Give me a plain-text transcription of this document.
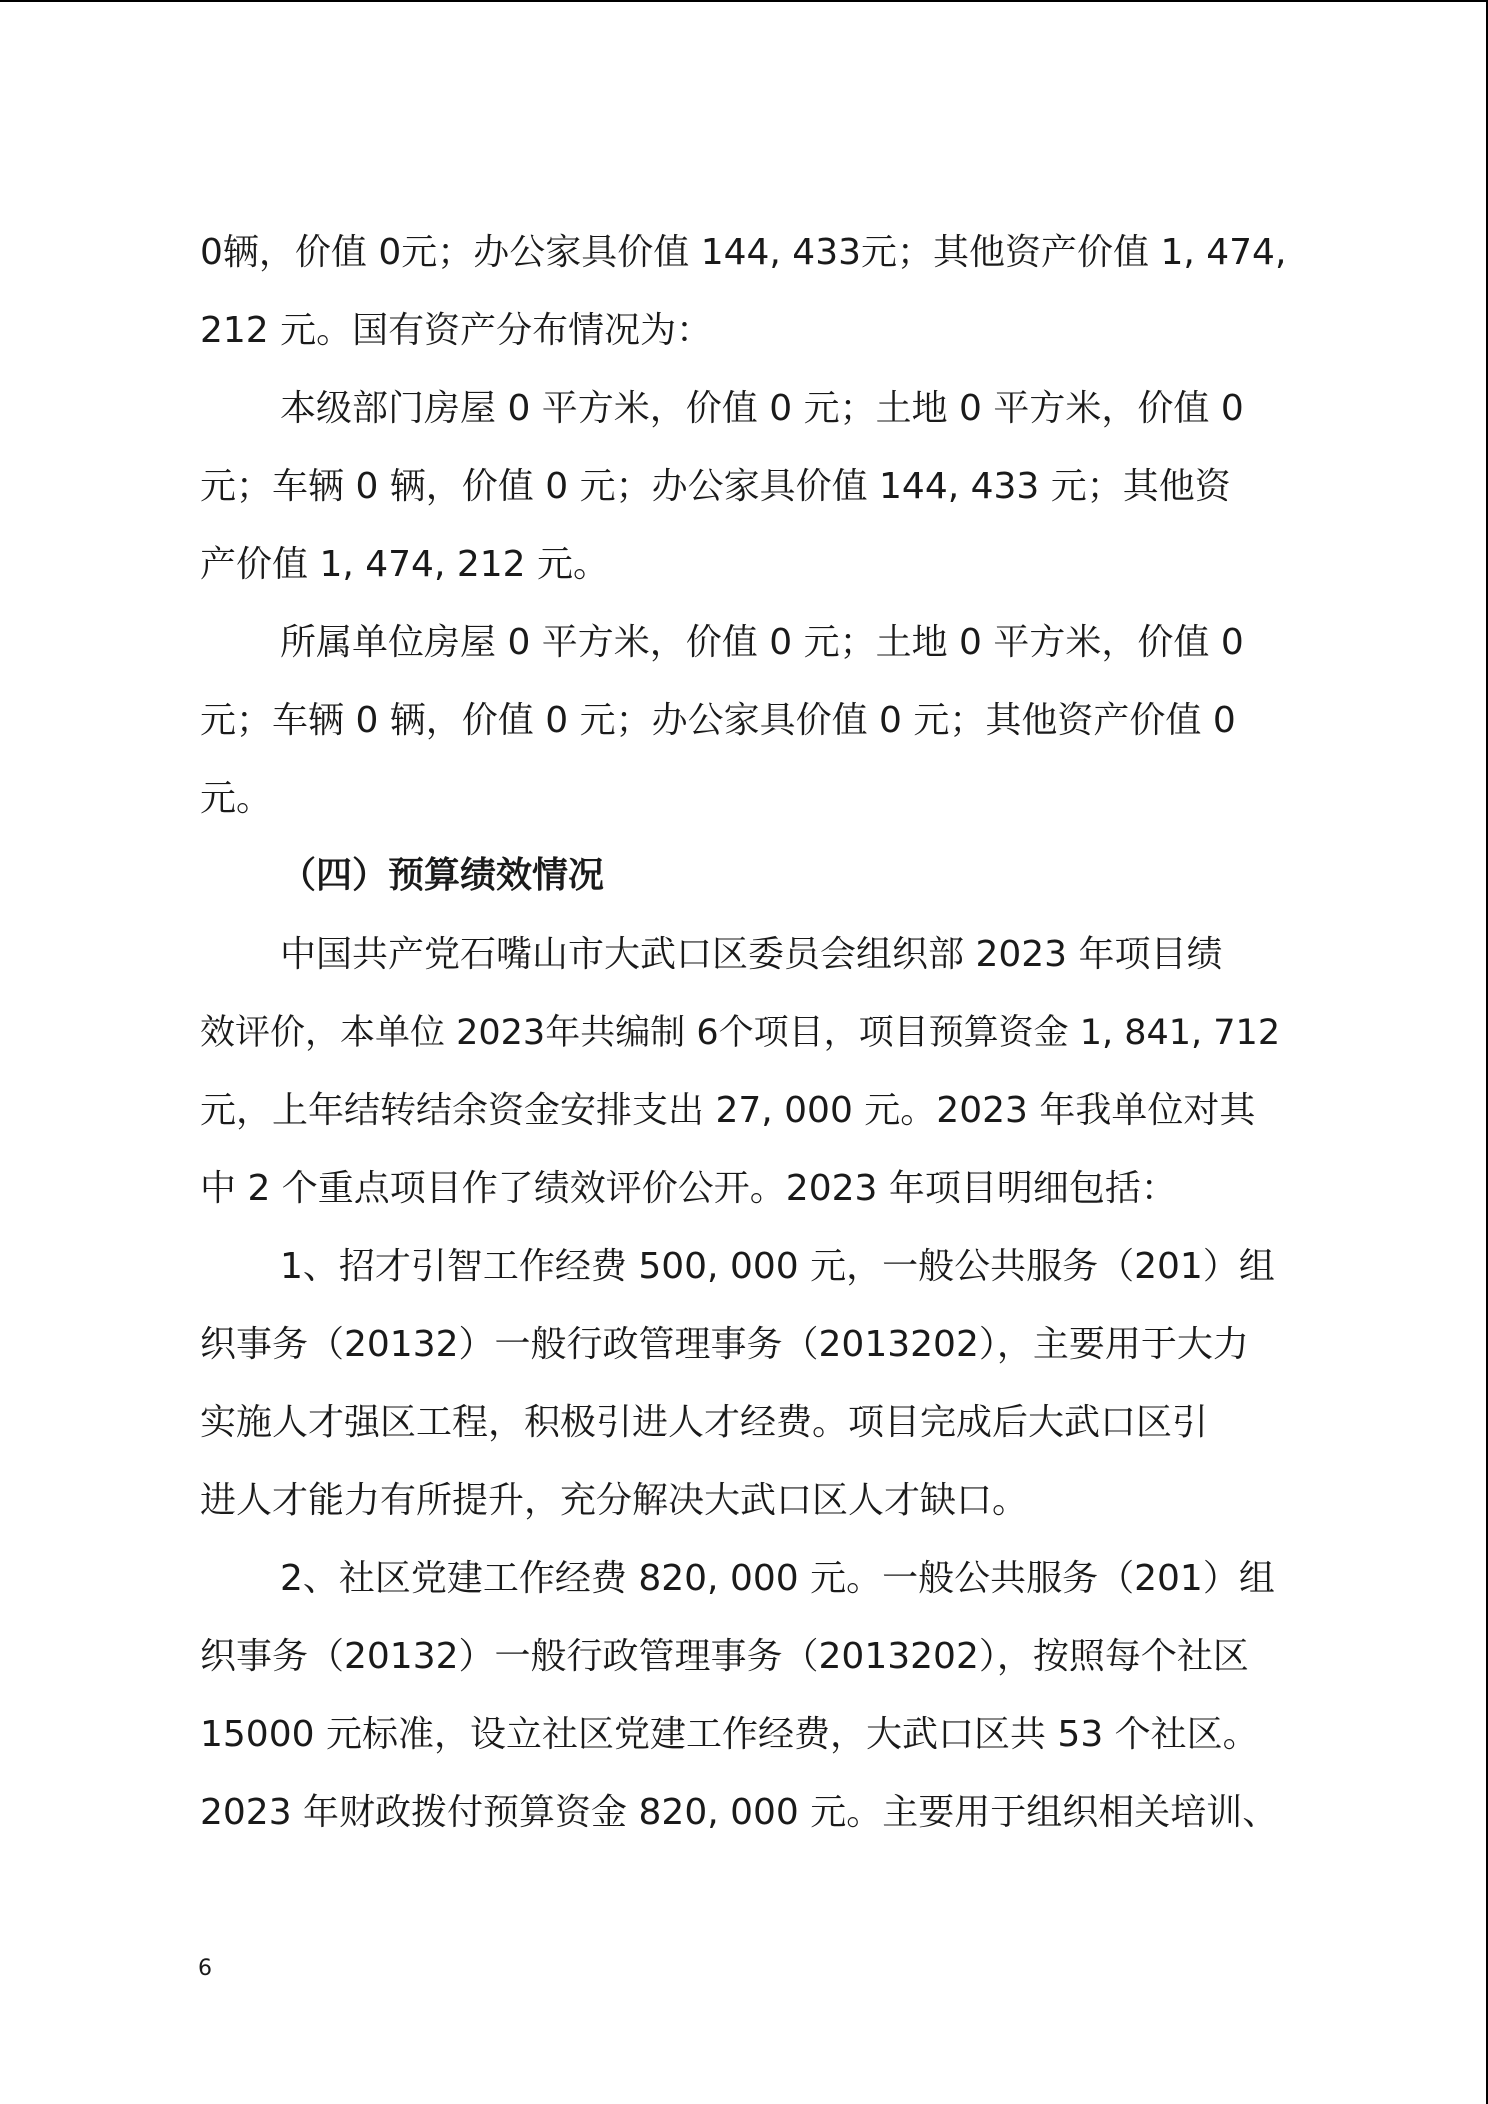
0辆，价值 0元；办公家具价值 144, 433元；其他资产价值 1, 474,
212 元。国有资产分布情况为：
本级部门房屋 0 平方米，价值 0 元；土地 0 平方米，价值 0
元；车辆 0 辆，价值 0 元；办公家具价值 144, 433 元；其他资
产价值 1, 474, 212 元。
所属单位房屋 0 平方米，价值 0 元；土地 0 平方米，价值 0
元；车辆 0 辆，价值 0 元；办公家具价值 0 元；其他资产价值 0
元。
（四）预算绩效情况
中国共产党石嘴山市大武口区委员会组织部 2023 年项目绩
效评价，本单位 2023年共编制 6个项目，项目预算资金 1, 841, 712
元，上年结转结余资金安排支出 27, 000 元。2023 年我单位对其
中 2 个重点项目作了绩效评价公开。2023 年项目明细包括：
1、招才引智工作经费 500, 000 元，一般公共服务（201）组
织事务（20132）一般行政管理事务（2013202），主要用于大力
实施人才强区工程，积极引进人才经费。项目完成后大武口区引
进人才能力有所提升，充分解决大武口区人才缺口。
2、社区党建工作经费 820, 000 元。一般公共服务（201）组
织事务（20132）一般行政管理事务（2013202），按照每个社区
15000 元标准，设立社区党建工作经费，大武口区共 53 个社区。
2023 年财政拨付预算资金 820, 000 元。主要用于组织相关培训、
6
